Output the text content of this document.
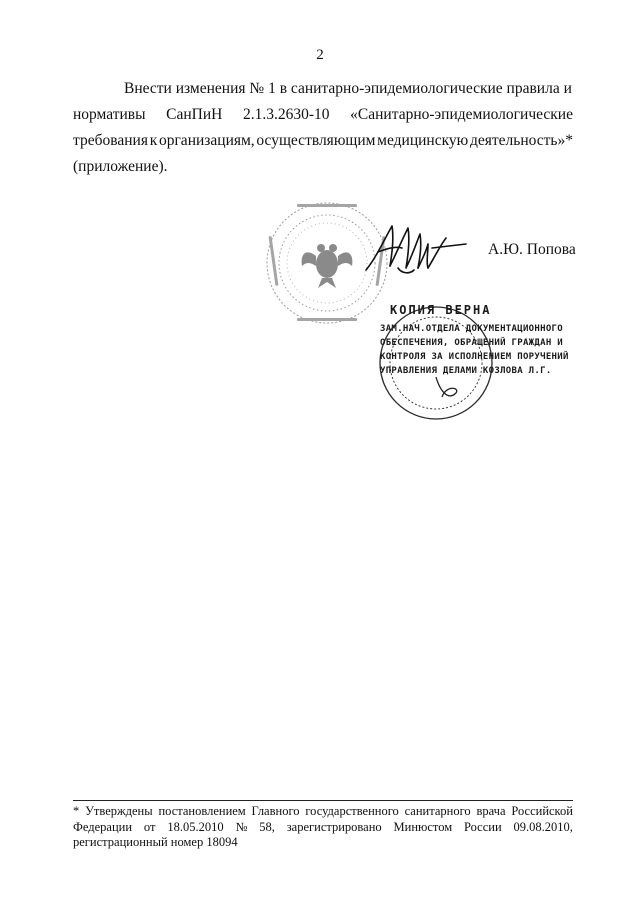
2
Внести
изменения
№
1
в
санитарно-эпидемиологические
правила
и
нормативы СанПиН 2.1.3.2630-10 «Санитарно-эпидемиологические
требования к организациям, осуществляющим медицинскую деятельность»*
(приложение).
А.Ю. Попова
КОПИЯ ВЕРНА
ЗАМ.НАЧ.ОТДЕЛА ДОКУМЕНТАЦИОННОГО
ОБЕСПЕЧЕНИЯ, ОБРАЩЕНИЙ ГРАЖДАН И
КОНТРОЛЯ ЗА ИСПОЛНЕНИЕМ ПОРУЧЕНИЙ
УПРАВЛЕНИЯ ДЕЛАМИ КОЗЛОВА Л.Г.
* Утверждены постановлением Главного государственного санитарного врача Российской
Федерации от 18.05.2010 № 58, зарегистрировано Минюстом России 09.08.2010,
регистрационный номер 18094
